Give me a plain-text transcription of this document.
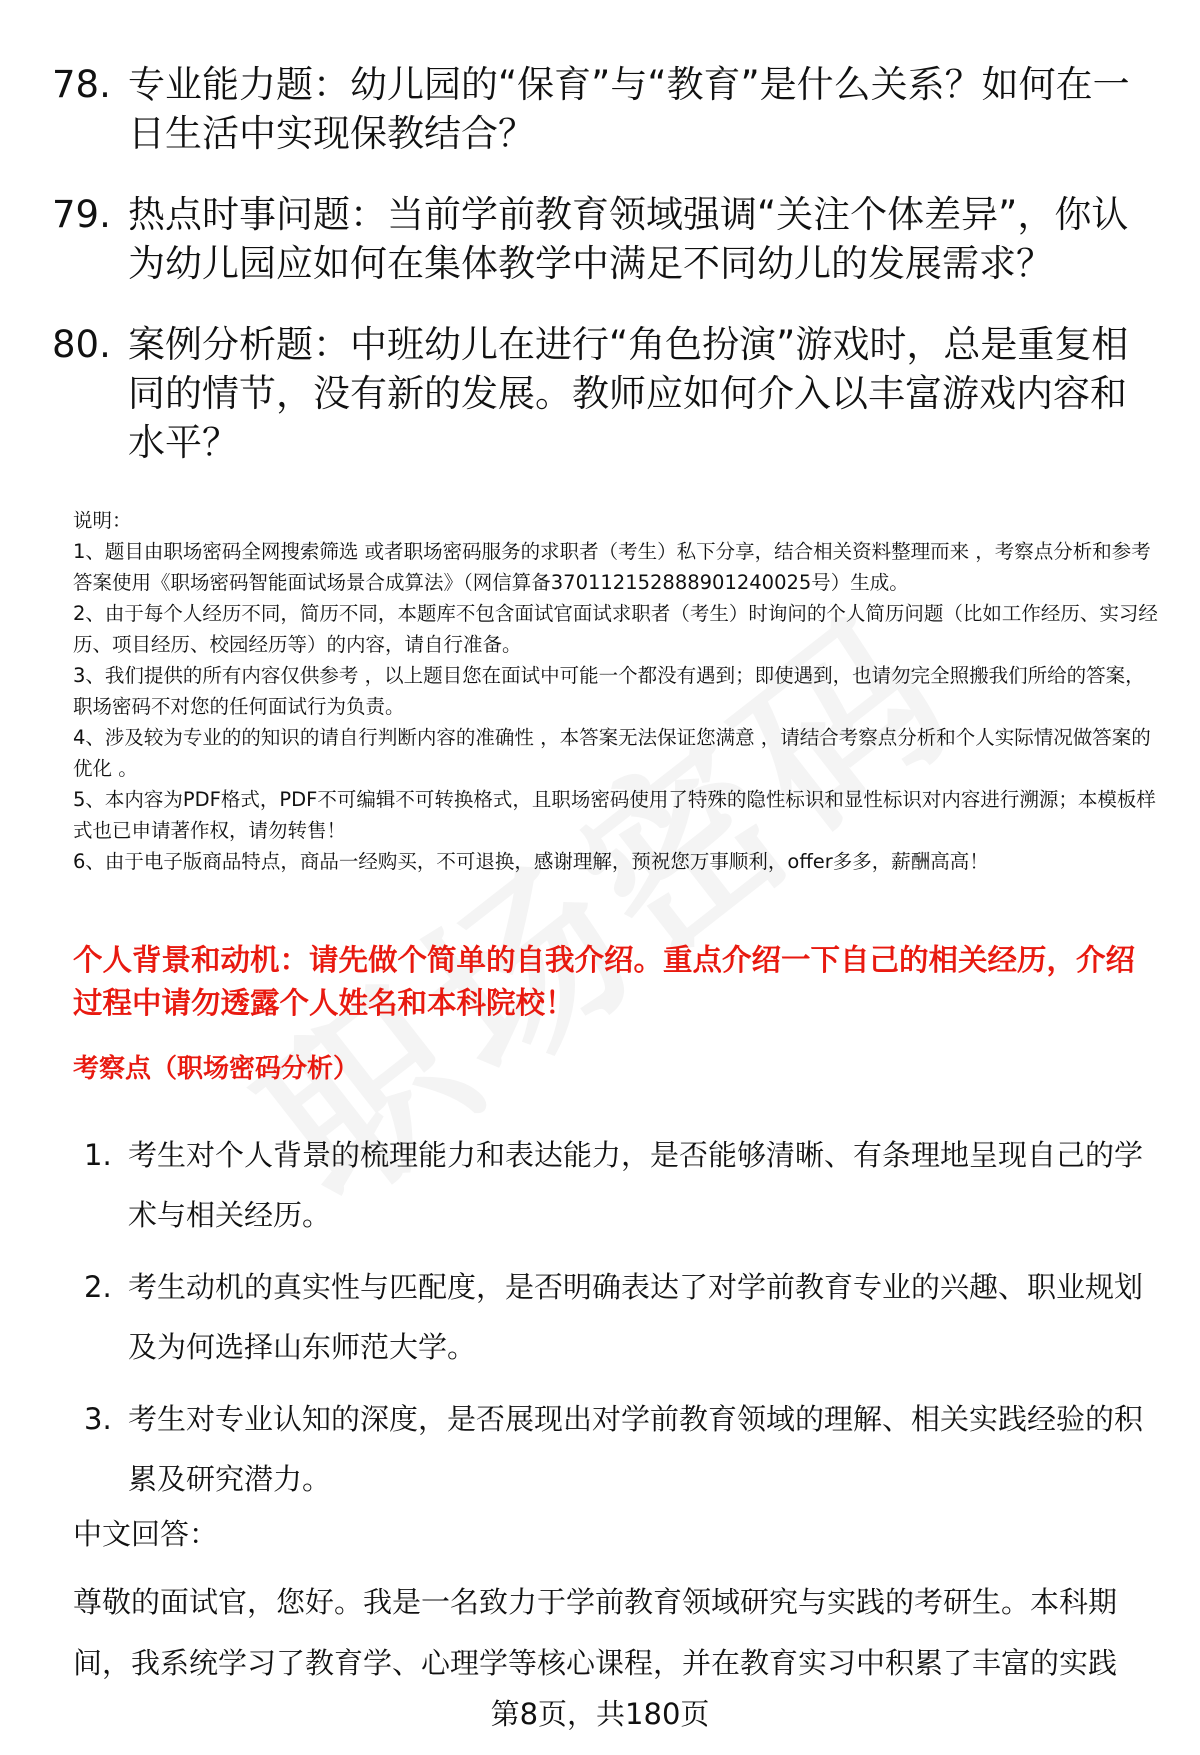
78. 专业能力题：幼儿园的“保育”与“教育”是什么关系？如何在一日生活中实现保教结合？
79. 热点时事问题：当前学前教育领域强调“关注个体差异”，你认为幼儿园应如何在集体教学中满足不同幼儿的发展需求？
80. 案例分析题：中班幼儿在进行“角色扮演”游戏时，总是重复相同的情节，没有新的发展。教师应如何介入以丰富游戏内容和水平？

说明：

1、题目由职场密码全网搜索筛选 或者职场密码服务的求职者（考生）私下分享，结合相关资料整理而来 ，考察点分析和参考答案使用《职场密码智能面试场景合成算法》（网信算备370112152888901240025号）生成。

2、由于每个人经历不同，简历不同，本题库不包含面试官面试求职者（考生）时询问的个人简历问题（比如工作经历、实习经历、项目经历、校园经历等）的内容，请自行准备。

3、我们提供的所有内容仅供参考 ，以上题目您在面试中可能一个都没有遇到；即使遇到，也请勿完全照搬我们所给的答案，职场密码不对您的任何面试行为负责。

4、涉及较为专业的的知识的请自行判断内容的准确性 ，本答案无法保证您满意 ，请结合考察点分析和个人实际情况做答案的优化 。

5、本内容为PDF格式，PDF不可编辑不可转换格式，且职场密码使用了特殊的隐性标识和显性标识对内容进行溯源；本模板样式也已申请著作权，请勿转售！

6、由于电子版商品特点，商品一经购买，不可退换，感谢理解，预祝您万事顺利，offer多多，薪酬高高！

个人背景和动机：请先做个简单的自我介绍。重点介绍一下自己的相关经历，介绍过程中请勿透露个人姓名和本科院校！
考察点（职场密码分析）
1. 考生对个人背景的梳理能力和表达能力，是否能够清晰、有条理地呈现自己的学术与相关经历。
2. 考生动机的真实性与匹配度，是否明确表达了对学前教育专业的兴趣、职业规划及为何选择山东师范大学。
3. 考生对专业认知的深度，是否展现出对学前教育领域的理解、相关实践经验的积累及研究潜力。
中文回答：
尊敬的面试官，您好。我是一名致力于学前教育领域研究与实践的考研生。本科期间，我系统学习了教育学、心理学等核心课程，并在教育实习中积累了丰富的实践
第8页，共180页
